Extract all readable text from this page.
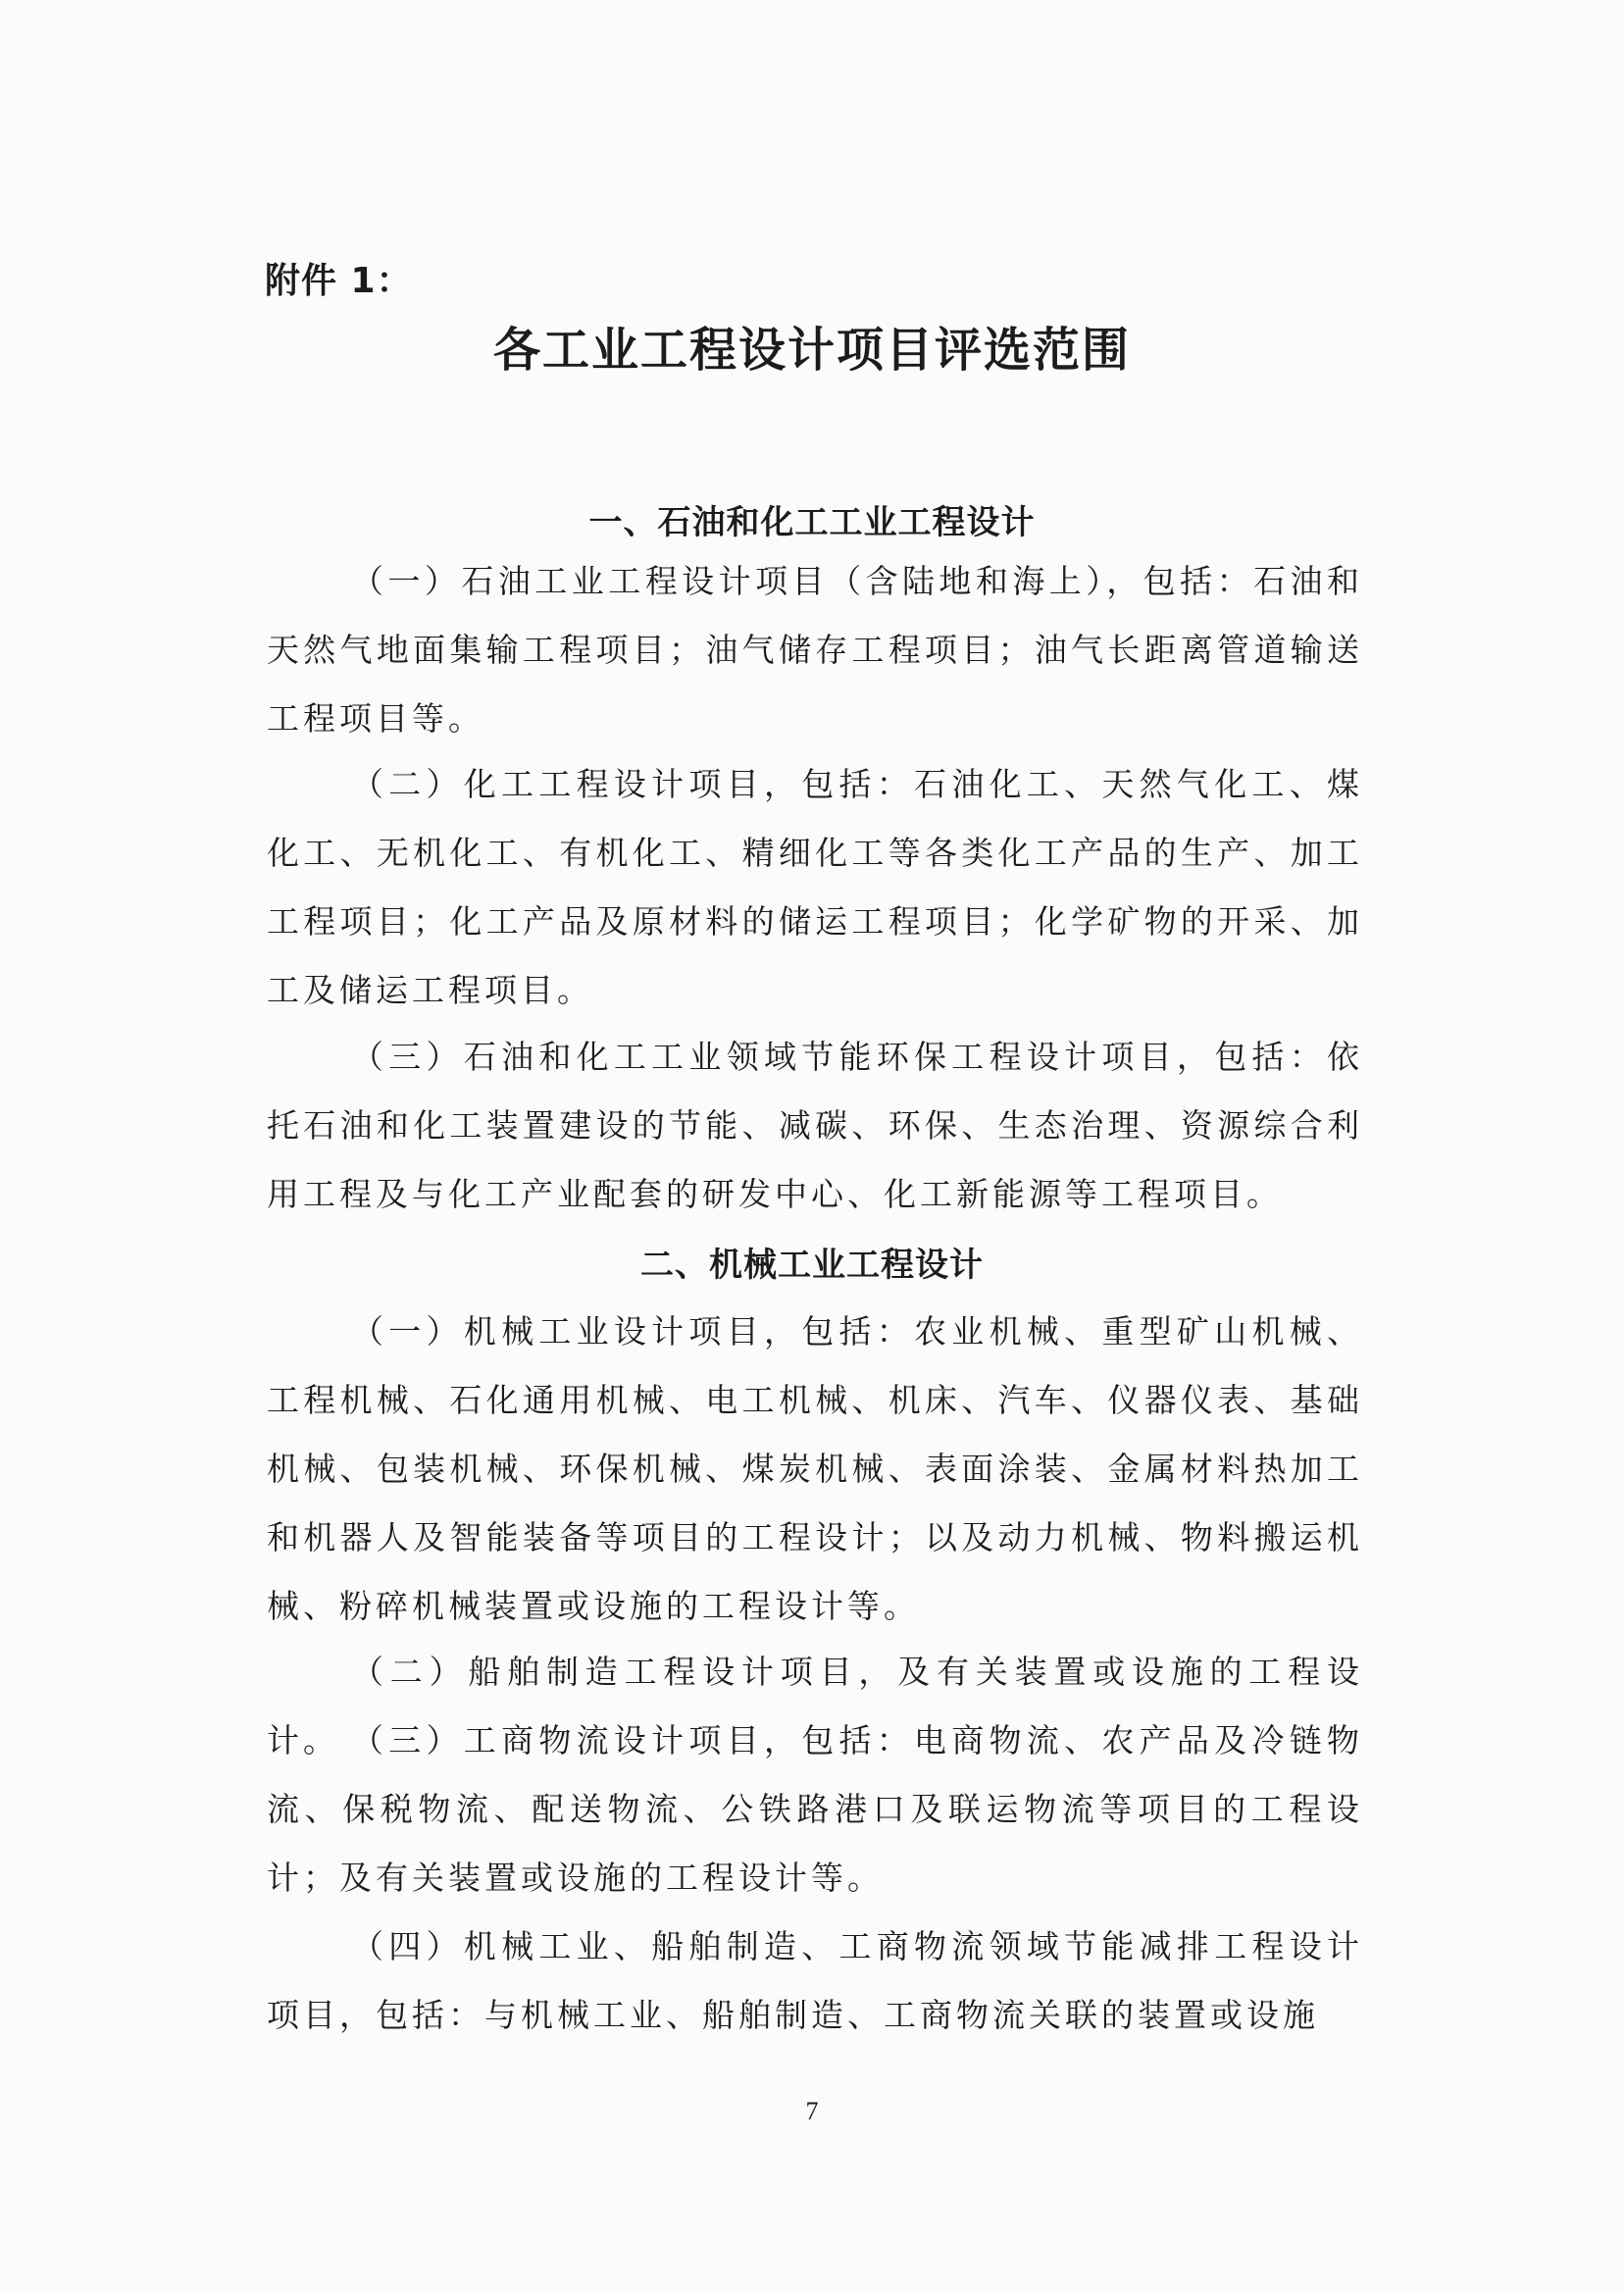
附件 1：
各工业工程设计项目评选范围
一、石油和化工工业工程设计
（一）石油工业工程设计项目（含陆地和海上），包括：石油和天然气地面集输工程项目；油气储存工程项目；油气长距离管道输送工程项目等。
（二）化工工程设计项目，包括：石油化工、天然气化工、煤化工、无机化工、有机化工、精细化工等各类化工产品的生产、加工工程项目；化工产品及原材料的储运工程项目；化学矿物的开采、加工及储运工程项目。
（三）石油和化工工业领域节能环保工程设计项目，包括：依托石油和化工装置建设的节能、减碳、环保、生态治理、资源综合利用工程及与化工产业配套的研发中心、化工新能源等工程项目。
二、机械工业工程设计
（一）机械工业设计项目，包括：农业机械、重型矿山机械、工程机械、石化通用机械、电工机械、机床、汽车、仪器仪表、基础机械、包装机械、环保机械、煤炭机械、表面涂装、金属材料热加工和机器人及智能装备等项目的工程设计；以及动力机械、物料搬运机械、粉碎机械装置或设施的工程设计等。
（二）船舶制造工程设计项目，及有关装置或设施的工程设计。 （三）工商物流设计项目，包括：电商物流、农产品及冷链物流、保税物流、配送物流、公铁路港口及联运物流等项目的工程设计；及有关装置或设施的工程设计等。
（四）机械工业、船舶制造、工商物流领域节能减排工程设计项目，包括：与机械工业、船舶制造、工商物流关联的装置或设施
7
